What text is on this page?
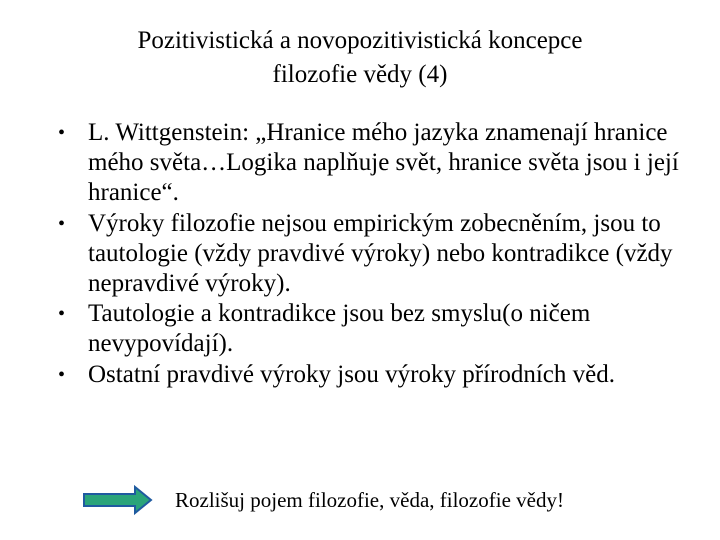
Pozitivistická a novopozitivistická koncepce
filozofie vědy (4)
• L. Wittgenstein: „Hranice mého jazyka znamenají hranice mého světa…Logika naplňuje svět, hranice světa jsou i její hranice“.
• Výroky filozofie nejsou empirickým zobecněním, jsou to tautologie (vždy pravdivé výroky) nebo kontradikce (vždy nepravdivé výroky).
• Tautologie a kontradikce jsou bez smyslu(o ničem nevypovídají).
• Ostatní pravdivé výroky jsou výroky přírodních věd.
Rozlišuj pojem filozofie, věda, filozofie vědy!
